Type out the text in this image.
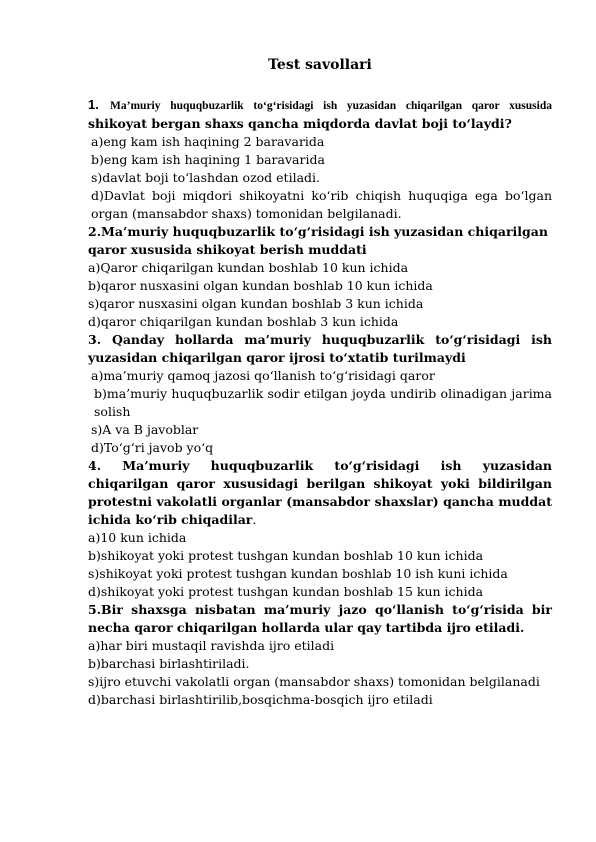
Test savollari

1. Ma’muriy huquqbuzarlik to‘g‘risidagi ish yuzasidan chiqarilgan qaror xususida shikoyat bergan shaxs qancha miqdorda davlat boji to‘laydi?

a)eng kam ish haqining 2 baravarida

b)eng kam ish haqining 1 baravarida

s)davlat boji to‘lashdan ozod etiladi.

d)Davlat boji miqdori shikoyatni ko‘rib chiqish huquqiga ega bo‘lgan organ (mansabdor shaxs) tomonidan belgilanadi.

2.Ma’muriy huquqbuzarlik to‘g‘risidagi ish yuzasidan chiqarilgan qaror xususida shikoyat berish muddati

a)Qaror chiqarilgan kundan boshlab 10 kun ichida

b)qaror nusxasini olgan kundan boshlab 10 kun ichida

s)qaror nusxasini olgan kundan boshlab 3 kun ichida

d)qaror chiqarilgan kundan boshlab 3 kun ichida

3. Qanday hollarda ma’muriy huquqbuzarlik to‘g‘risidagi ish yuzasidan chiqarilgan qaror ijrosi to‘xtatib turilmaydi

a)ma’muriy qamoq jazosi qo‘llanish to‘g‘risidagi qaror

b)ma’muriy huquqbuzarlik sodir etilgan joyda undirib olinadigan jarima solish

s)A va B javoblar

d)To‘g‘ri javob yo‘q

4. Ma’muriy huquqbuzarlik to‘g‘risidagi ish yuzasidan chiqarilgan qaror xususidagi berilgan shikoyat yoki bildirilgan protestni vakolatli organlar (mansabdor shaxslar) qancha muddat ichida ko‘rib chiqadilar.

a)10 kun ichida

b)shikoyat yoki protest tushgan kundan boshlab 10 kun ichida

s)shikoyat yoki protest tushgan kundan boshlab 10 ish kuni ichida

d)shikoyat yoki protest tushgan kundan boshlab 15 kun ichida

5.Bir shaxsga nisbatan ma’muriy jazo qo‘llanish to‘g‘risida bir necha qaror chiqarilgan hollarda ular qay tartibda ijro etiladi.

a)har biri mustaqil ravishda ijro etiladi

b)barchasi birlashtiriladi.

s)ijro etuvchi vakolatli organ (mansabdor shaxs) tomonidan belgilanadi

d)barchasi birlashtirilib,bosqichma-bosqich ijro etiladi
